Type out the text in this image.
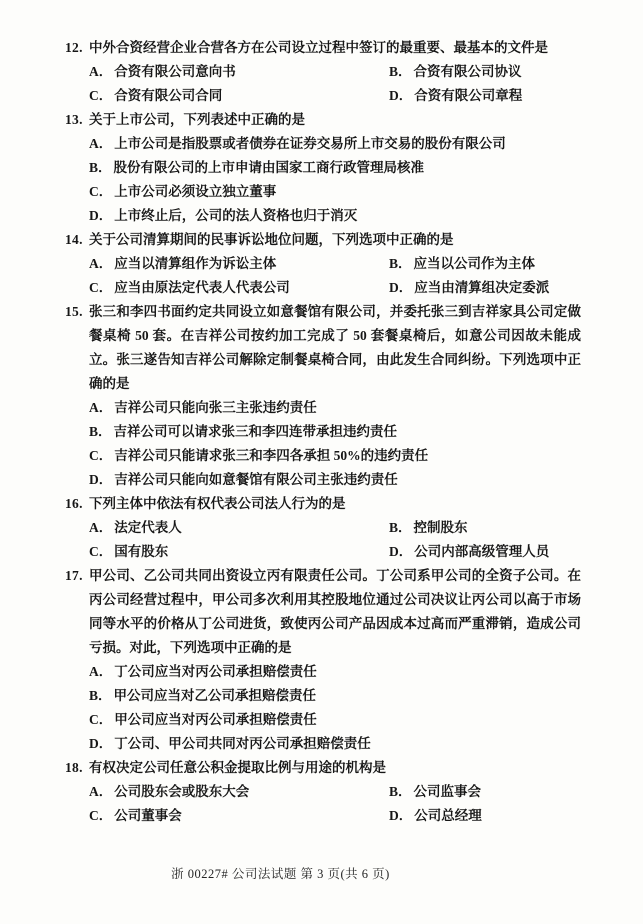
12. 中外合资经营企业合营各方在公司设立过程中签订的最重要、最基本的文件是
A． 合资有限公司意向书	B． 合资有限公司协议
C． 合资有限公司合同	D． 合资有限公司章程
13. 关于上市公司，下列表述中正确的是
A． 上市公司是指股票或者债券在证券交易所上市交易的股份有限公司
B． 股份有限公司的上市申请由国家工商行政管理局核准
C． 上市公司必须设立独立董事
D． 上市终止后，公司的法人资格也归于消灭
14. 关于公司清算期间的民事诉讼地位问题，下列选项中正确的是
A． 应当以清算组作为诉讼主体	B． 应当以公司作为主体
C． 应当由原法定代表人代表公司	D． 应当由清算组决定委派
15. 张三和李四书面约定共同设立如意餐馆有限公司，并委托张三到吉祥家具公司定做餐桌椅 50 套。在吉祥公司按约加工完成了 50 套餐桌椅后，如意公司因故未能成立。张三遂告知吉祥公司解除定制餐桌椅合同，由此发生合同纠纷。下列选项中正确的是
A． 吉祥公司只能向张三主张违约责任
B． 吉祥公司可以请求张三和李四连带承担违约责任
C． 吉祥公司只能请求张三和李四各承担 50%的违约责任
D． 吉祥公司只能向如意餐馆有限公司主张违约责任
16. 下列主体中依法有权代表公司法人行为的是
A． 法定代表人	B． 控制股东
C． 国有股东	D． 公司内部高级管理人员
17. 甲公司、乙公司共同出资设立丙有限责任公司。丁公司系甲公司的全资子公司。在丙公司经营过程中，甲公司多次利用其控股地位通过公司决议让丙公司以高于市场同等水平的价格从丁公司进货，致使丙公司产品因成本过高而严重滞销，造成公司亏损。对此，下列选项中正确的是
A． 丁公司应当对丙公司承担赔偿责任
B． 甲公司应当对乙公司承担赔偿责任
C． 甲公司应当对丙公司承担赔偿责任
D． 丁公司、甲公司共同对丙公司承担赔偿责任
18. 有权决定公司任意公积金提取比例与用途的机构是
A． 公司股东会或股东大会	B． 公司监事会
C． 公司董事会	D． 公司总经理
浙 00227# 公司法试题 第 3 页(共 6 页)
